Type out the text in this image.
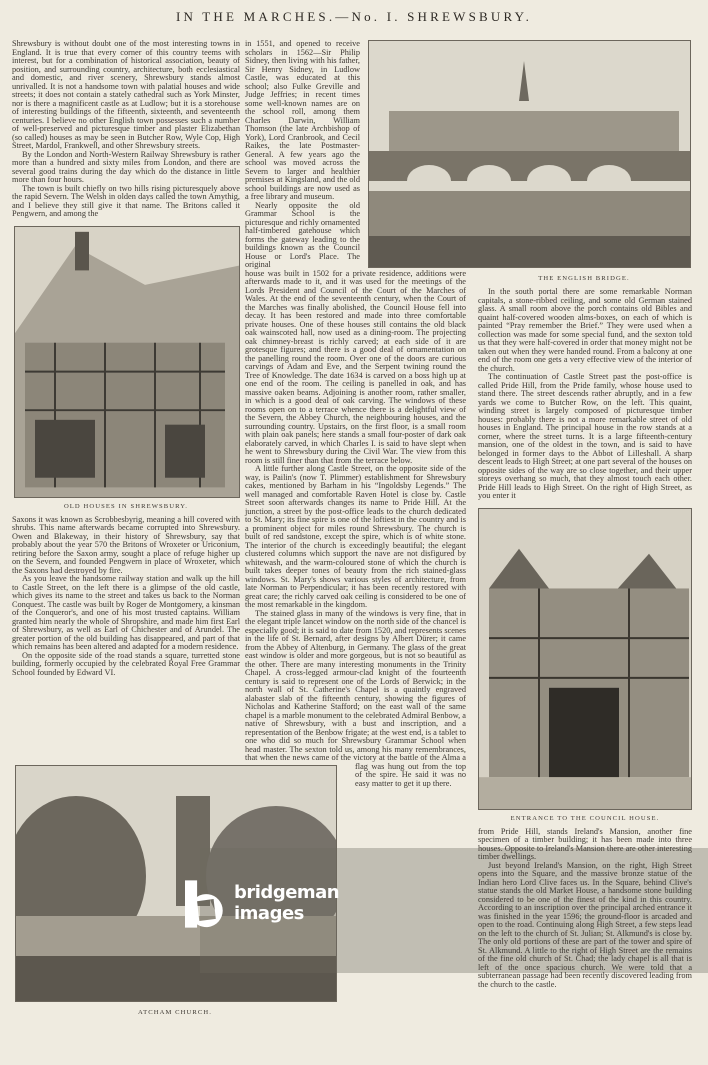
IN THE MARCHES.—No. I. SHREWSBURY.

Shrewsbury is without doubt one of the most interesting towns in England. It is true that every corner of this country teems with interest, but for a combination of historical association, beauty of position, and surrounding country, architecture, both ecclesiastical and domestic, and river scenery, Shrewsbury stands almost unrivalled. It is not a handsome town with palatial houses and wide streets; it does not contain a stately cathedral such as York Minster, nor is there a magnificent castle as at Ludlow; but it is a storehouse of interesting buildings of the fifteenth, sixteenth, and seventeenth centuries. I believe no other English town possesses such a number of well-preserved and picturesque timber and plaster Elizabethan (so called) houses as may be seen in Butcher Row, Wyle Cop, High Street, Mardol, Frankwell, and other Shrewsbury streets.

By the London and North-Western Railway Shrewsbury is rather more than a hundred and sixty miles from London, and there are several good trains during the day which do the distance in little more than four hours.

The town is built chiefly on two hills rising picturesquely above the rapid Severn. The Welsh in olden days called the town Amythig, and I believe they still give it that name. The Britons called it Pengwern, and among the

OLD HOUSES IN SHREWSBURY.

Saxons it was known as Scrobbesbyrig, meaning a hill covered with shrubs. This name afterwards became corrupted into Shrewsbury. Owen and Blakeway, in their history of Shrewsbury, say that probably about the year 570 the Britons of Wroxeter or Uriconium, retiring before the Saxon army, sought a place of refuge higher up on the Severn, and founded Pengwern in place of Wroxeter, which the Saxons had destroyed by fire.

As you leave the handsome railway station and walk up the hill to Castle Street, on the left there is a glimpse of the old castle, which gives its name to the street and takes us back to the Norman Conquest. The castle was built by Roger de Montgomery, a kinsman of the Conqueror's, and one of his most trusted captains. William granted him nearly the whole of Shropshire, and made him first Earl of Shrewsbury, as well as Earl of Chichester and of Arundel. The greater portion of the old building has disappeared, and part of that which remains has been altered and adapted for a modern residence.

On the opposite side of the road stands a square, turretted stone building, formerly occupied by the celebrated Royal Free Grammar School founded by Edward VI.

THE ENGLISH BRIDGE.

in 1551, and opened to receive scholars in 1562—Sir Philip Sidney, then living with his father, Sir Henry Sidney, in Ludlow Castle, was educated at this school; also Fulke Greville and Judge Jeffries; in recent times some well-known names are on the school roll, among them Charles Darwin, William Thomson (the late Archbishop of York), Lord Cranbrook, and Cecil Raikes, the late Postmaster-General. A few years ago the school was moved across the Severn to larger and healthier premises at Kingsland, and the old school buildings are now used as a free library and museum.

Nearly opposite the old Grammar School is the picturesque and richly ornamented half-timbered gatehouse which forms the gateway leading to the buildings known as the Council House or Lord's Place. The original

house was built in 1502 for a private residence, additions were afterwards made to it, and it was used for the meetings of the Lords President and Council of the Court of the Marches of Wales. At the end of the seventeenth century, when the Court of the Marches was finally abolished, the Council House fell into decay. It has been restored and made into three comfortable private houses. One of these houses still contains the old black oak wainscoted hall, now used as a dining-room. The projecting oak chimney-breast is richly carved; at each side of it are grotesque figures; and there is a good deal of ornamentation on the panelling round the room. Over one of the doors are curious carvings of Adam and Eve, and the Serpent twining round the Tree of Knowledge. The date 1634 is carved on a boss high up at one end of the room. The ceiling is panelled in oak, and has massive oaken beams. Adjoining is another room, rather smaller, in which is a good deal of oak carving. The windows of these rooms open on to a terrace whence there is a delightful view of the Severn, the Abbey Church, the neighbouring houses, and the surrounding country. Upstairs, on the first floor, is a small room with plain oak panels; here stands a small four-poster of dark oak elaborately carved, in which Charles I. is said to have slept when he went to Shrewsbury during the Civil War. The view from this room is still finer than that from the terrace below.

A little further along Castle Street, on the opposite side of the way, is Pailin's (now T. Plimmer) establishment for Shrewsbury cakes, mentioned by Barham in his “Ingoldsby Legends.” The well managed and comfortable Raven Hotel is close by. Castle Street soon afterwards changes its name to Pride Hill. At the junction, a street by the post-office leads to the church dedicated to St. Mary; its fine spire is one of the loftiest in the country and is a prominent object for miles round Shrewsbury. The church is built of red sandstone, except the spire, which is of white stone. The interior of the church is exceedingly beautiful; the elegant clustered columns which support the nave are not disfigured by whitewash, and the warm-coloured stone of which the church is built takes deeper tones of beauty from the rich stained-glass windows. St. Mary's shows various styles of architecture, from late Norman to Perpendicular; it has been recently restored with great care; the richly carved oak ceiling is considered to be one of the most remarkable in the kingdom.

The stained glass in many of the windows is very fine, that in the elegant triple lancet window on the north side of the chancel is especially good; it is said to date from 1520, and represents scenes in the life of St. Bernard, after designs by Albert Dürer; it came from the Abbey of Altenburg, in Germany. The glass of the great east window is older and more gorgeous, but is not so beautiful as the other. There are many interesting monuments in the Trinity Chapel. A cross-legged armour-clad knight of the fourteenth century is said to represent one of the Lords of Berwick; in the north wall of St. Catherine's Chapel is a quaintly engraved alabaster slab of the fifteenth century, showing the figures of Nicholas and Katherine Stafford; on the east wall of the same chapel is a marble monument to the celebrated Admiral Benbow, a native of Shrewsbury, with a bust and inscription, and a representation of the Benbow frigate; at the west end, is a tablet to one who did so much for Shrewsbury Grammar School when head master. The sexton told us, among his many remembrances, that when the news came of the victory at the battle of the Alma a flag was hung out from the top of the spire. He said it was no easy matter to get it up there.

In the south portal there are some remarkable Norman capitals, a stone-ribbed ceiling, and some old German stained glass. A small room above the porch contains old Bibles and quaint half-covered wooden alms-boxes, on each of which is painted “Pray remember the Brief.” They were used when a collection was made for some special fund, and the sexton told us that they were half-covered in order that money might not be taken out when they were handed round. From a balcony at one end of the room one gets a very effective view of the interior of the church.

The continuation of Castle Street past the post-office is called Pride Hill, from the Pride family, whose house used to stand there. The street descends rather abruptly, and in a few yards we come to Butcher Row, on the left. This quaint, winding street is largely composed of picturesque timber houses: probably there is not a more remarkable street of old houses in England. The principal house in the row stands at a corner, where the street turns. It is a large fifteenth-century mansion, one of the oldest in the town, and is said to have belonged in former days to the Abbot of Lilleshall. A sharp descent leads to High Street; at one part several of the houses on opposite sides of the way are so close together, and their upper storeys overhang so much, that they almost touch each other. Pride Hill leads to High Street. On the right of High Street, as you enter it

ENTRANCE TO THE COUNCIL HOUSE.

from Pride Hill, stands Ireland's Mansion, another fine specimen of a timber building; it has been made into three houses. Opposite to Ireland's Mansion there are other interesting timber dwellings.

Just beyond Ireland's Mansion, on the right, High Street opens into the Square, and the massive bronze statue of the Indian hero Lord Clive faces us. In the Square, behind Clive's statue stands the old Market House, a handsome stone building considered to be one of the finest of the kind in this country. According to an inscription over the principal arched entrance it was finished in the year 1596; the ground-floor is arcaded and open to the road. Continuing along High Street, a few steps lead on the left to the church of St. Julian; St. Alkmund's is close by. The only old portions of these are part of the tower and spire of St. Alkmund. A little to the right of High Street are the remains of the fine old church of St. Chad; the lady chapel is all that is left of the once spacious church. We were told that a subterranean passage had been recently discovered leading from the church to the castle.

ATCHAM CHURCH.
bridgeman
images
